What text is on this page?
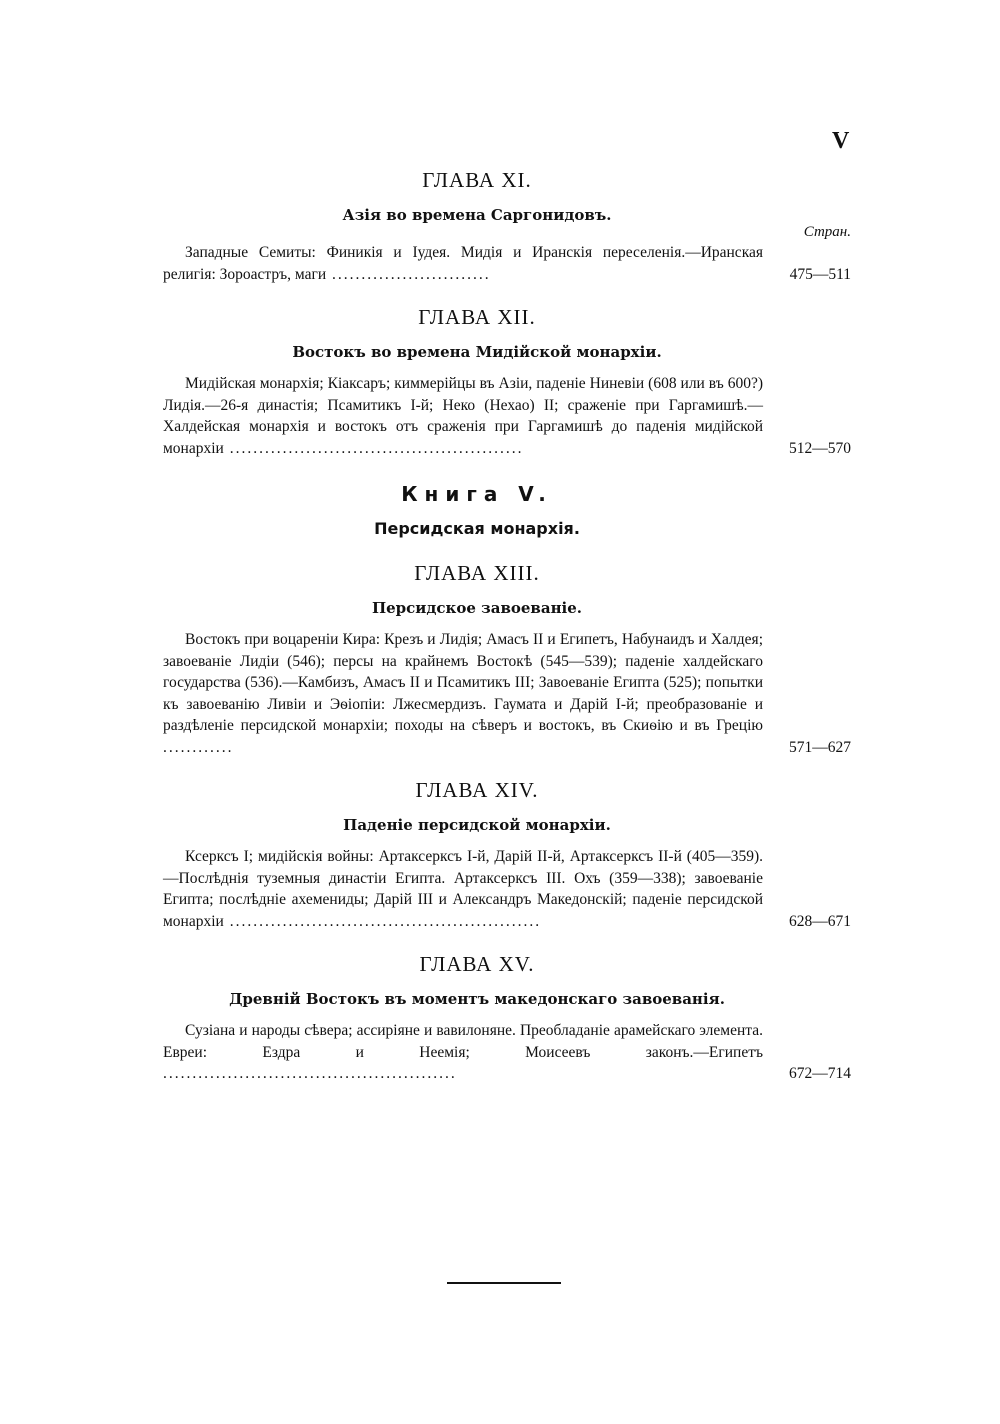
V
ГЛАВА XI.
Азія во времена Саргонидовъ.
Стран.

Западные Семиты: Финикія и Іудея. Мидія и Иранскія переселенія.—Иранская религія: Зороастръ, маги ...........................	475—511
ГЛАВА XII.
Востокъ во времена Мидійской монархіи.

Мидійская монархія; Кіаксаръ; киммерійцы въ Азіи, паденіе Ниневіи (608 или въ 600?) Лидія.—26-я династія; Псамитикъ І-й; Неко (Нехао) II; сраженіе при Гаргамишѣ.—Халдейская монархія и востокъ отъ сраженія при Гаргамишѣ до паденія мидійской монархіи ..................................................	512—570
Книга V.
Персидская монархія.
ГЛАВА XIII.
Персидское завоеваніе.

Востокъ при воцареніи Кира: Крезъ и Лидія; Амасъ II и Египетъ, Набунаидъ и Халдея; завоеваніе Лидіи (546); персы на крайнемъ Востокѣ (545—539); паденіе халдейскаго государства (536).—Камбизъ, Амасъ II и Псамитикъ III; Завоеваніе Египта (525); попытки къ завоеванію Ливіи и Эѳіопіи: Лжесмердизъ. Гаумата и Дарій І-й; преобразованіе и раздѣленіе персидской монархіи; походы на сѣверъ и востокъ, въ Скиѳію и въ Грецію ............	571—627
ГЛАВА XIV.
Паденіе персидской монархіи.

Ксерксъ I; мидійскія войны: Артаксерксъ І-й, Дарій II-й, Артаксерксъ II-й (405—359).—Послѣднія туземныя династіи Египта. Артаксерксъ III. Охъ (359—338); завоеваніе Египта; послѣдніе ахемениды; Дарій III и Александръ Македонскій; паденіе персидской монархіи .....................................................	628—671
ГЛАВА XV.
Древній Востокъ въ моментъ македонскаго завоеванія.

Сузіана и народы сѣвера; ассиріяне и вавилоняне. Преобладаніе арамейскаго элемента. Евреи: Ездра и Неемія; Моисеевъ законъ.—Египетъ ..................................................	672—714
